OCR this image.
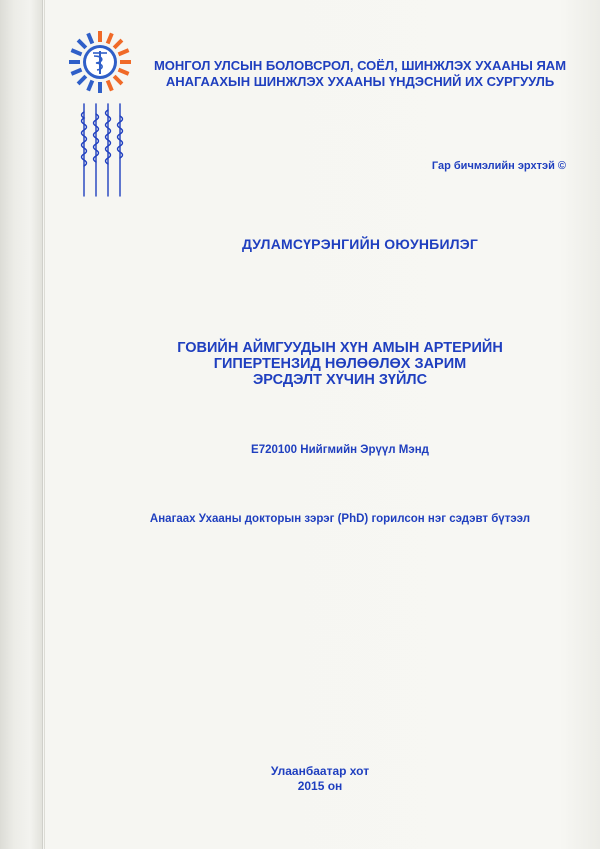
МОНГОЛ УЛСЫН БОЛОВСРОЛ, СОЁЛ, ШИНЖЛЭХ УХААНЫ ЯАМ
АНАГААХЫН ШИНЖЛЭХ УХААНЫ ҮНДЭСНИЙ ИХ СУРГУУЛЬ
Гар бичмэлийн эрхтэй ©
ДУЛАМСҮРЭНГИЙН ОЮУНБИЛЭГ
ГОВИЙН АЙМГУУДЫН ХҮН АМЫН АРТЕРИЙН
ГИПЕРТЕНЗИД НӨЛӨӨЛӨХ ЗАРИМ
ЭРСДЭЛТ ХҮЧИН ЗҮЙЛС
E720100 Нийгмийн Эрүүл Мэнд
Анагаах Ухааны докторын зэрэг (PhD) горилсон нэг сэдэвт бүтээл
Улаанбаатар хот
2015 он
